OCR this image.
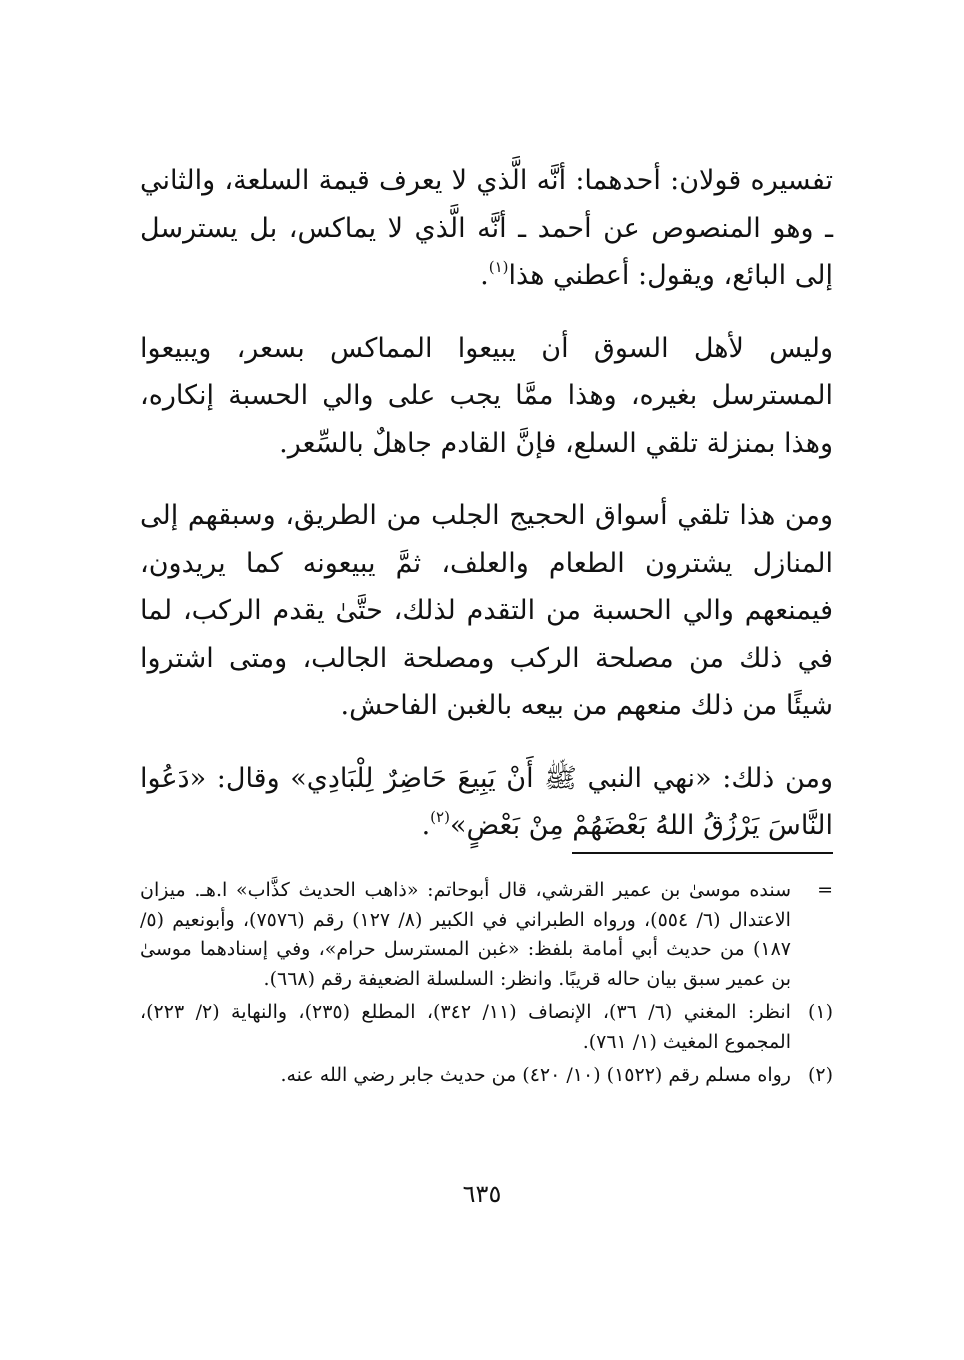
تفسيره قولان: أحدهما: أنَّه الَّذي لا يعرف قيمة السلعة، والثاني ـ وهو المنصوص عن أحمد ـ أنَّه الَّذي لا يماكس، بل يسترسل إلى البائع، ويقول: أعطني هذا$^{(١)}$.

وليس لأهل السوق أن يبيعوا المماكس بسعر، ويبيعوا المسترسل بغيره، وهذا ممَّا يجب على والي الحسبة إنكاره، وهذا بمنزلة تلقي السلع، فإنَّ القادم جاهلٌ بالسِّعر.

ومن هذا تلقي أسواق الحجيج الجلب من الطريق، وسبقهم إلى المنازل يشترون الطعام والعلف، ثمَّ يبيعونه كما يريدون، فيمنعهم والي الحسبة من التقدم لذلك، حتَّىٰ يقدم الركب، لما في ذلك من مصلحة الركب ومصلحة الجالب، ومتى اشتروا شيئًا من ذلك منعهم من بيعه بالغبن الفاحش.

ومن ذلك: «نهي النبي ﷺ أَنْ يَبِيعَ حَاضِرٌ لِلْبَادِي» وقال: «دَعُوا النَّاسَ يَرْزُقُ اللهُ بَعْضَهُمْ مِنْ بَعْضٍ»$^{(٢)}$.

=
سنده موسىٰ بن عمير القرشي، قال أبوحاتم: «ذاهب الحديث كذَّاب» ا.هـ. ميزان الاعتدال (٦/ ٥٥٤)، ورواه الطبراني في الكبير (٨/ ١٢٧) رقم (٧٥٧٦)، وأبونعيم (٥/ ١٨٧) من حديث أبي أمامة بلفظ: «غبن المسترسل حرام»، وفي إسنادهما موسىٰ بن عمير سبق بيان حاله قريبًا. وانظر: السلسلة الضعيفة رقم (٦٦٨).

(١)
انظر: المغني (٦/ ٣٦)، الإنصاف (١١/ ٣٤٢)، المطلع (٢٣٥)، والنهاية (٢/ ٢٢٣)، المجموع المغيث (١/ ٧٦١).

(٢)
رواه مسلم رقم (١٥٢٢) (١٠/ ٤٢٠) من حديث جابر رضي الله عنه.

٦٣٥
